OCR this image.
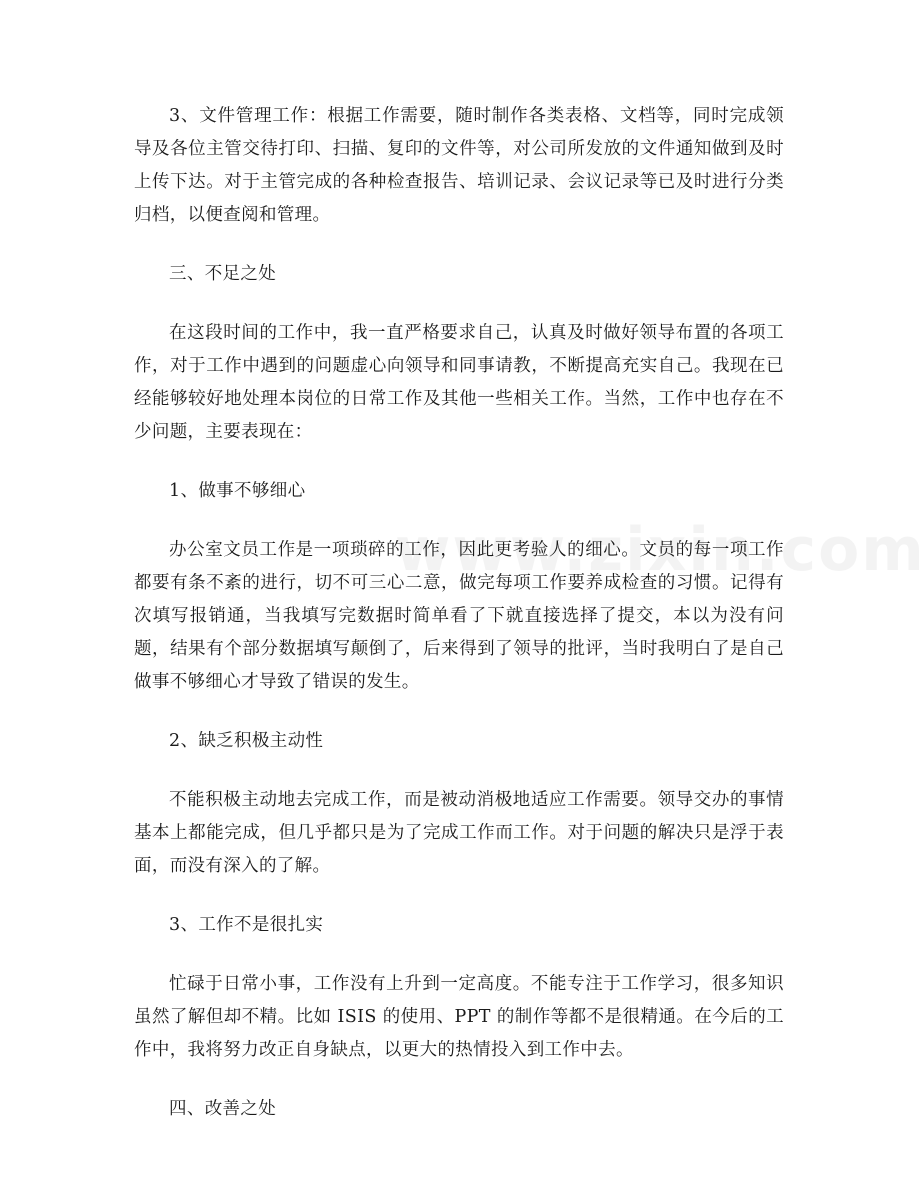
3、文件管理工作：根据工作需要，随时制作各类表格、文档等，同时完成领导及各位主管交待打印、扫描、复印的文件等，对公司所发放的文件通知做到及时上传下达。对于主管完成的各种检查报告、培训记录、会议记录等已及时进行分类归档，以便查阅和管理。

三、不足之处

在这段时间的工作中，我一直严格要求自己，认真及时做好领导布置的各项工作，对于工作中遇到的问题虚心向领导和同事请教，不断提高充实自己。我现在已经能够较好地处理本岗位的日常工作及其他一些相关工作。当然，工作中也存在不少问题，主要表现在：

1、做事不够细心

办公室文员工作是一项琐碎的工作，因此更考验人的细心。文员的每一项工作都要有条不紊的进行，切不可三心二意，做完每项工作要养成检查的习惯。记得有次填写报销通，当我填写完数据时简单看了下就直接选择了提交，本以为没有问题，结果有个部分数据填写颠倒了，后来得到了领导的批评，当时我明白了是自己做事不够细心才导致了错误的发生。

2、缺乏积极主动性

不能积极主动地去完成工作，而是被动消极地适应工作需要。领导交办的事情基本上都能完成，但几乎都只是为了完成工作而工作。对于问题的解决只是浮于表面，而没有深入的了解。

3、工作不是很扎实

忙碌于日常小事，工作没有上升到一定高度。不能专注于工作学习，很多知识虽然了解但却不精。比如 ISIS 的使用、PPT 的制作等都不是很精通。在今后的工作中，我将努力改正自身缺点，以更大的热情投入到工作中去。

四、改善之处
